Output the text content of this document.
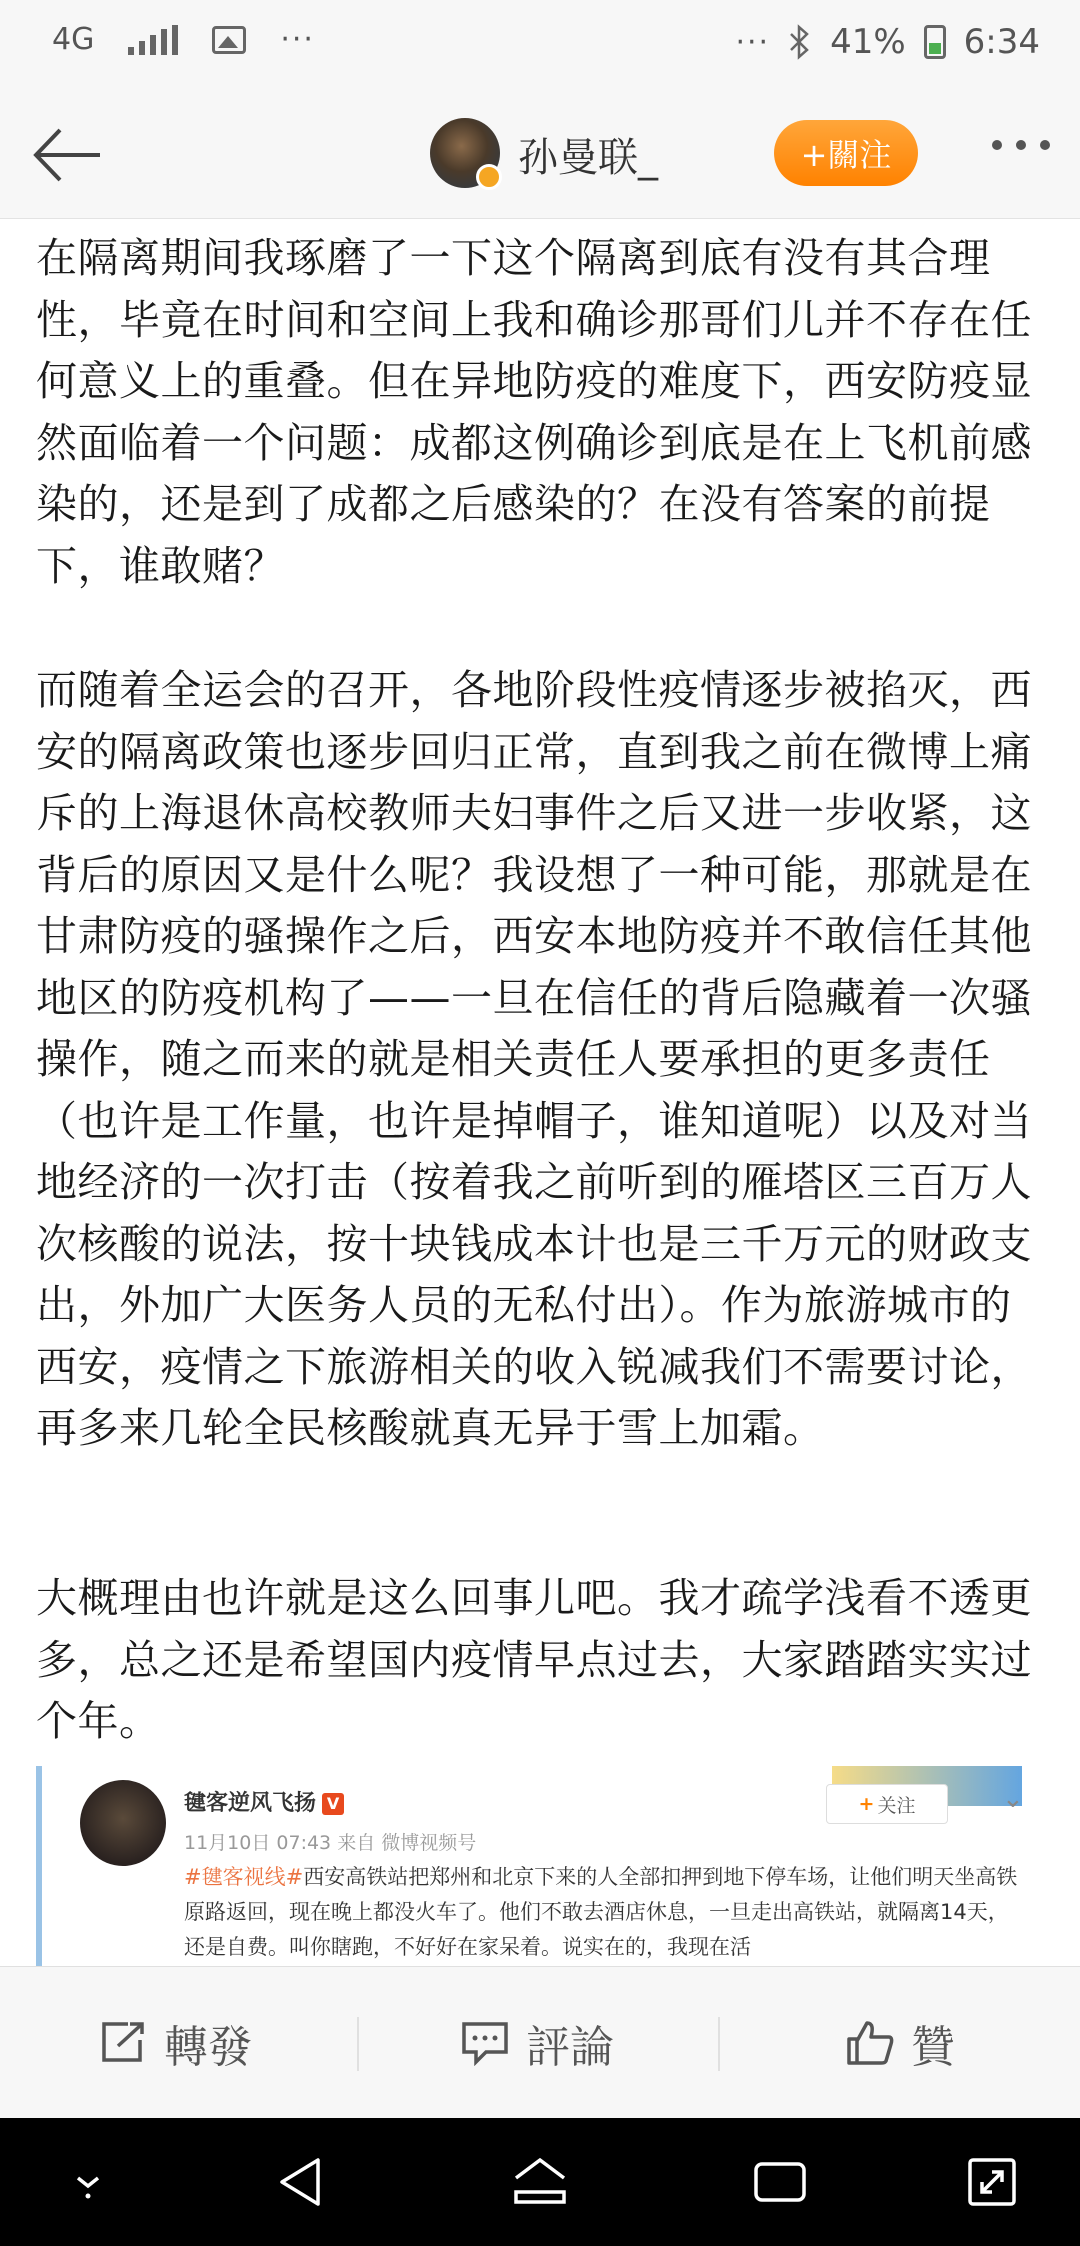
4G	···	··· 41% 6:34
孙曼联_	+關注

在隔离期间我琢磨了一下这个隔离到底有没有其合理性，毕竟在时间和空间上我和确诊那哥们儿并不存在任何意义上的重叠。但在异地防疫的难度下，西安防疫显然面临着一个问题：成都这例确诊到底是在上飞机前感染的，还是到了成都之后感染的？在没有答案的前提下，谁敢赌？

而随着全运会的召开，各地阶段性疫情逐步被掐灭，西安的隔离政策也逐步回归正常，直到我之前在微博上痛斥的上海退休高校教师夫妇事件之后又进一步收紧，这背后的原因又是什么呢？我设想了一种可能，那就是在甘肃防疫的骚操作之后，西安本地防疫并不敢信任其他地区的防疫机构了——一旦在信任的背后隐藏着一次骚操作，随之而来的就是相关责任人要承担的更多责任（也许是工作量，也许是掉帽子，谁知道呢）以及对当地经济的一次打击（按着我之前听到的雁塔区三百万人次核酸的说法，按十块钱成本计也是三千万元的财政支出，外加广大医务人员的无私付出）。作为旅游城市的西安，疫情之下旅游相关的收入锐减我们不需要讨论，再多来几轮全民核酸就真无异于雪上加霜。

大概理由也许就是这么回事儿吧。我才疏学浅看不透更多，总之还是希望国内疫情早点过去，大家踏踏实实过个年。

毽客逆风飞扬 V
11月10日 07:43 来自 微博视频号
#毽客视线#西安高铁站把郑州和北京下来的人全部扣押到地下停车场，让他们明天坐高铁原路返回，现在晚上都没火车了。他们不敢去酒店休息，一旦走出高铁站，就隔离14天，还是自费。叫你瞎跑，不好好在家呆着。说实在的，我现在活
+ 关注	⌄
轉發	評論	贊
